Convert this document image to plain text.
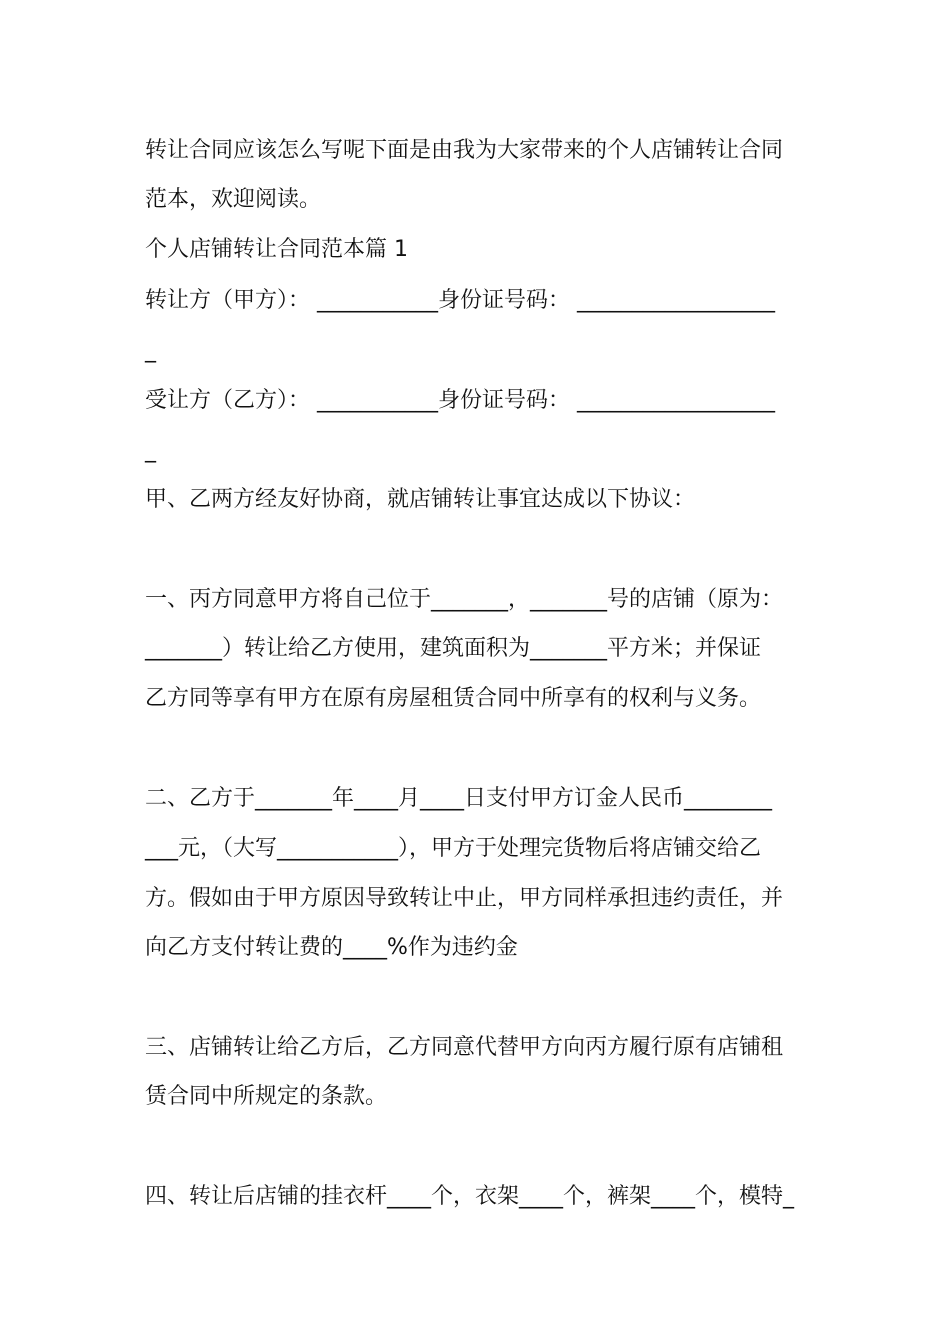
转让合同应该怎么写呢下面是由我为大家带来的个人店铺转让合同
范本，欢迎阅读。
个人店铺转让合同范本篇 1
转让方（甲方）： ___________身份证号码： __________________
_
受让方（乙方）： ___________身份证号码： __________________
_
甲、乙两方经友好协商，就店铺转让事宜达成以下协议：
一、丙方同意甲方将自己位于_______，_______号的店铺（原为：
_______）转让给乙方使用，建筑面积为_______平方米；并保证
乙方同等享有甲方在原有房屋租赁合同中所享有的权利与义务。
二、乙方于_______年____月____日支付甲方订金人民币________
___元，（大写___________），甲方于处理完货物后将店铺交给乙
方。假如由于甲方原因导致转让中止，甲方同样承担违约责任，并
向乙方支付转让费的____%作为违约金
三、店铺转让给乙方后，乙方同意代替甲方向丙方履行原有店铺租
赁合同中所规定的条款。
四、转让后店铺的挂衣杆____个，衣架____个，裤架____个，模特_
